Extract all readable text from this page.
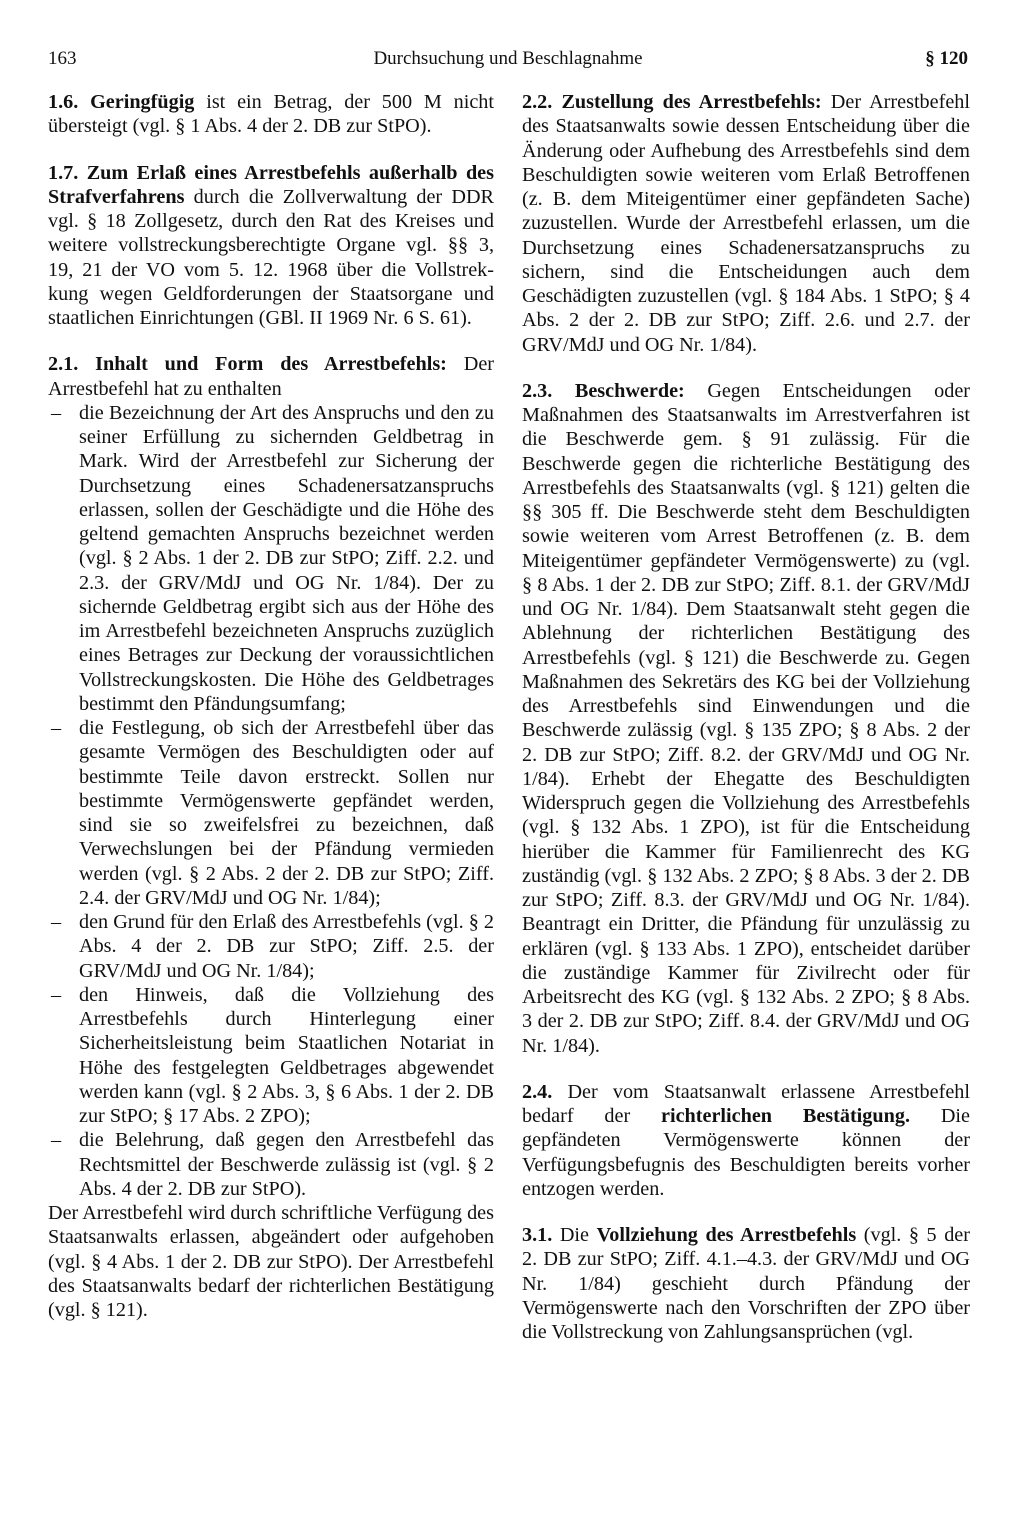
163	Durchsuchung und Beschlagnahme	§ 120

1.6. Geringfügig ist ein Betrag, der 500 M nicht übersteigt (vgl. § 1 Abs. 4 der 2. DB zur StPO).

1.7. Zum Erlaß eines Arrestbefehls außerhalb des Strafverfahrens durch die Zollverwaltung der DDR vgl. § 18 Zollgesetz, durch den Rat des Kreises und weitere vollstreckungsberechtigte Organe vgl. §§ 3, 19, 21 der VO vom 5. 12. 1968 über die Vollstrek-kung wegen Geldforderungen der Staatsorgane und staatlichen Einrichtungen (GBl. II 1969 Nr. 6 S. 61).

2.1. Inhalt und Form des Arrestbefehls: Der Arrestbefehl hat zu enthalten

– die Bezeichnung der Art des Anspruchs und den zu seiner Erfüllung zu sichernden Geldbetrag in Mark. Wird der Arrestbefehl zur Sicherung der Durchsetzung eines Schadenersatzanspruchs erlassen, sollen der Geschädigte und die Höhe des geltend gemachten Anspruchs bezeichnet werden (vgl. § 2 Abs. 1 der 2. DB zur StPO; Ziff. 2.2. und 2.3. der GRV/MdJ und OG Nr. 1/84). Der zu sichernde Geldbetrag ergibt sich aus der Höhe des im Arrestbefehl bezeichneten Anspruchs zuzüglich eines Betrages zur Deckung der voraussichtlichen Vollstreckungskosten. Die Höhe des Geldbetrages bestimmt den Pfändungsumfang;
– die Festlegung, ob sich der Arrestbefehl über das gesamte Vermögen des Beschuldigten oder auf bestimmte Teile davon erstreckt. Sollen nur bestimmte Vermögenswerte gepfändet werden, sind sie so zweifelsfrei zu bezeichnen, daß Verwechslungen bei der Pfändung vermieden werden (vgl. § 2 Abs. 2 der 2. DB zur StPO; Ziff. 2.4. der GRV/MdJ und OG Nr. 1/84);
– den Grund für den Erlaß des Arrestbefehls (vgl. § 2 Abs. 4 der 2. DB zur StPO; Ziff. 2.5. der GRV/MdJ und OG Nr. 1/84);
– den Hinweis, daß die Vollziehung des Arrestbefehls durch Hinterlegung einer Sicherheitsleistung beim Staatlichen Notariat in Höhe des festgelegten Geldbetrages abgewendet werden kann (vgl. § 2 Abs. 3, § 6 Abs. 1 der 2. DB zur StPO; § 17 Abs. 2 ZPO);
– die Belehrung, daß gegen den Arrestbefehl das Rechtsmittel der Beschwerde zulässig ist (vgl. § 2 Abs. 4 der 2. DB zur StPO).

Der Arrestbefehl wird durch schriftliche Verfügung des Staatsanwalts erlassen, abgeändert oder aufgehoben (vgl. § 4 Abs. 1 der 2. DB zur StPO). Der Arrestbefehl des Staatsanwalts bedarf der richterlichen Bestätigung (vgl. § 121).

2.2. Zustellung des Arrestbefehls: Der Arrestbefehl des Staatsanwalts sowie dessen Entscheidung über die Änderung oder Aufhebung des Arrestbefehls sind dem Beschuldigten sowie weiteren vom Erlaß Betroffenen (z. B. dem Miteigentümer einer gepfändeten Sache) zuzustellen. Wurde der Arrestbefehl erlassen, um die Durchsetzung eines Schadenersatzanspruchs zu sichern, sind die Entscheidungen auch dem Geschädigten zuzustellen (vgl. § 184 Abs. 1 StPO; § 4 Abs. 2 der 2. DB zur StPO; Ziff. 2.6. und 2.7. der GRV/MdJ und OG Nr. 1/84).

2.3. Beschwerde: Gegen Entscheidungen oder Maßnahmen des Staatsanwalts im Arrestverfahren ist die Beschwerde gem. § 91 zulässig. Für die Beschwerde gegen die richterliche Bestätigung des Arrestbefehls des Staatsanwalts (vgl. § 121) gelten die §§ 305 ff. Die Beschwerde steht dem Beschuldigten sowie weiteren vom Arrest Betroffenen (z. B. dem Miteigentümer gepfändeter Vermögenswerte) zu (vgl. § 8 Abs. 1 der 2. DB zur StPO; Ziff. 8.1. der GRV/MdJ und OG Nr. 1/84). Dem Staatsanwalt steht gegen die Ablehnung der richterlichen Bestätigung des Arrestbefehls (vgl. § 121) die Beschwerde zu. Gegen Maßnahmen des Sekretärs des KG bei der Vollziehung des Arrestbefehls sind Einwendungen und die Beschwerde zulässig (vgl. § 135 ZPO; § 8 Abs. 2 der 2. DB zur StPO; Ziff. 8.2. der GRV/MdJ und OG Nr. 1/84). Erhebt der Ehegatte des Beschuldigten Widerspruch gegen die Vollziehung des Arrestbefehls (vgl. § 132 Abs. 1 ZPO), ist für die Entscheidung hierüber die Kammer für Familienrecht des KG zuständig (vgl. § 132 Abs. 2 ZPO; § 8 Abs. 3 der 2. DB zur StPO; Ziff. 8.3. der GRV/MdJ und OG Nr. 1/84). Beantragt ein Dritter, die Pfändung für unzulässig zu erklären (vgl. § 133 Abs. 1 ZPO), entscheidet darüber die zuständige Kammer für Zivilrecht oder für Arbeitsrecht des KG (vgl. § 132 Abs. 2 ZPO; § 8 Abs. 3 der 2. DB zur StPO; Ziff. 8.4. der GRV/MdJ und OG Nr. 1/84).

2.4. Der vom Staatsanwalt erlassene Arrestbefehl bedarf der richterlichen Bestätigung. Die gepfändeten Vermögenswerte können der Verfügungsbefugnis des Beschuldigten bereits vorher entzogen werden.

3.1. Die Vollziehung des Arrestbefehls (vgl. § 5 der 2. DB zur StPO; Ziff. 4.1.–4.3. der GRV/MdJ und OG Nr. 1/84) geschieht durch Pfändung der Vermögenswerte nach den Vorschriften der ZPO über die Vollstreckung von Zahlungsansprüchen (vgl.
